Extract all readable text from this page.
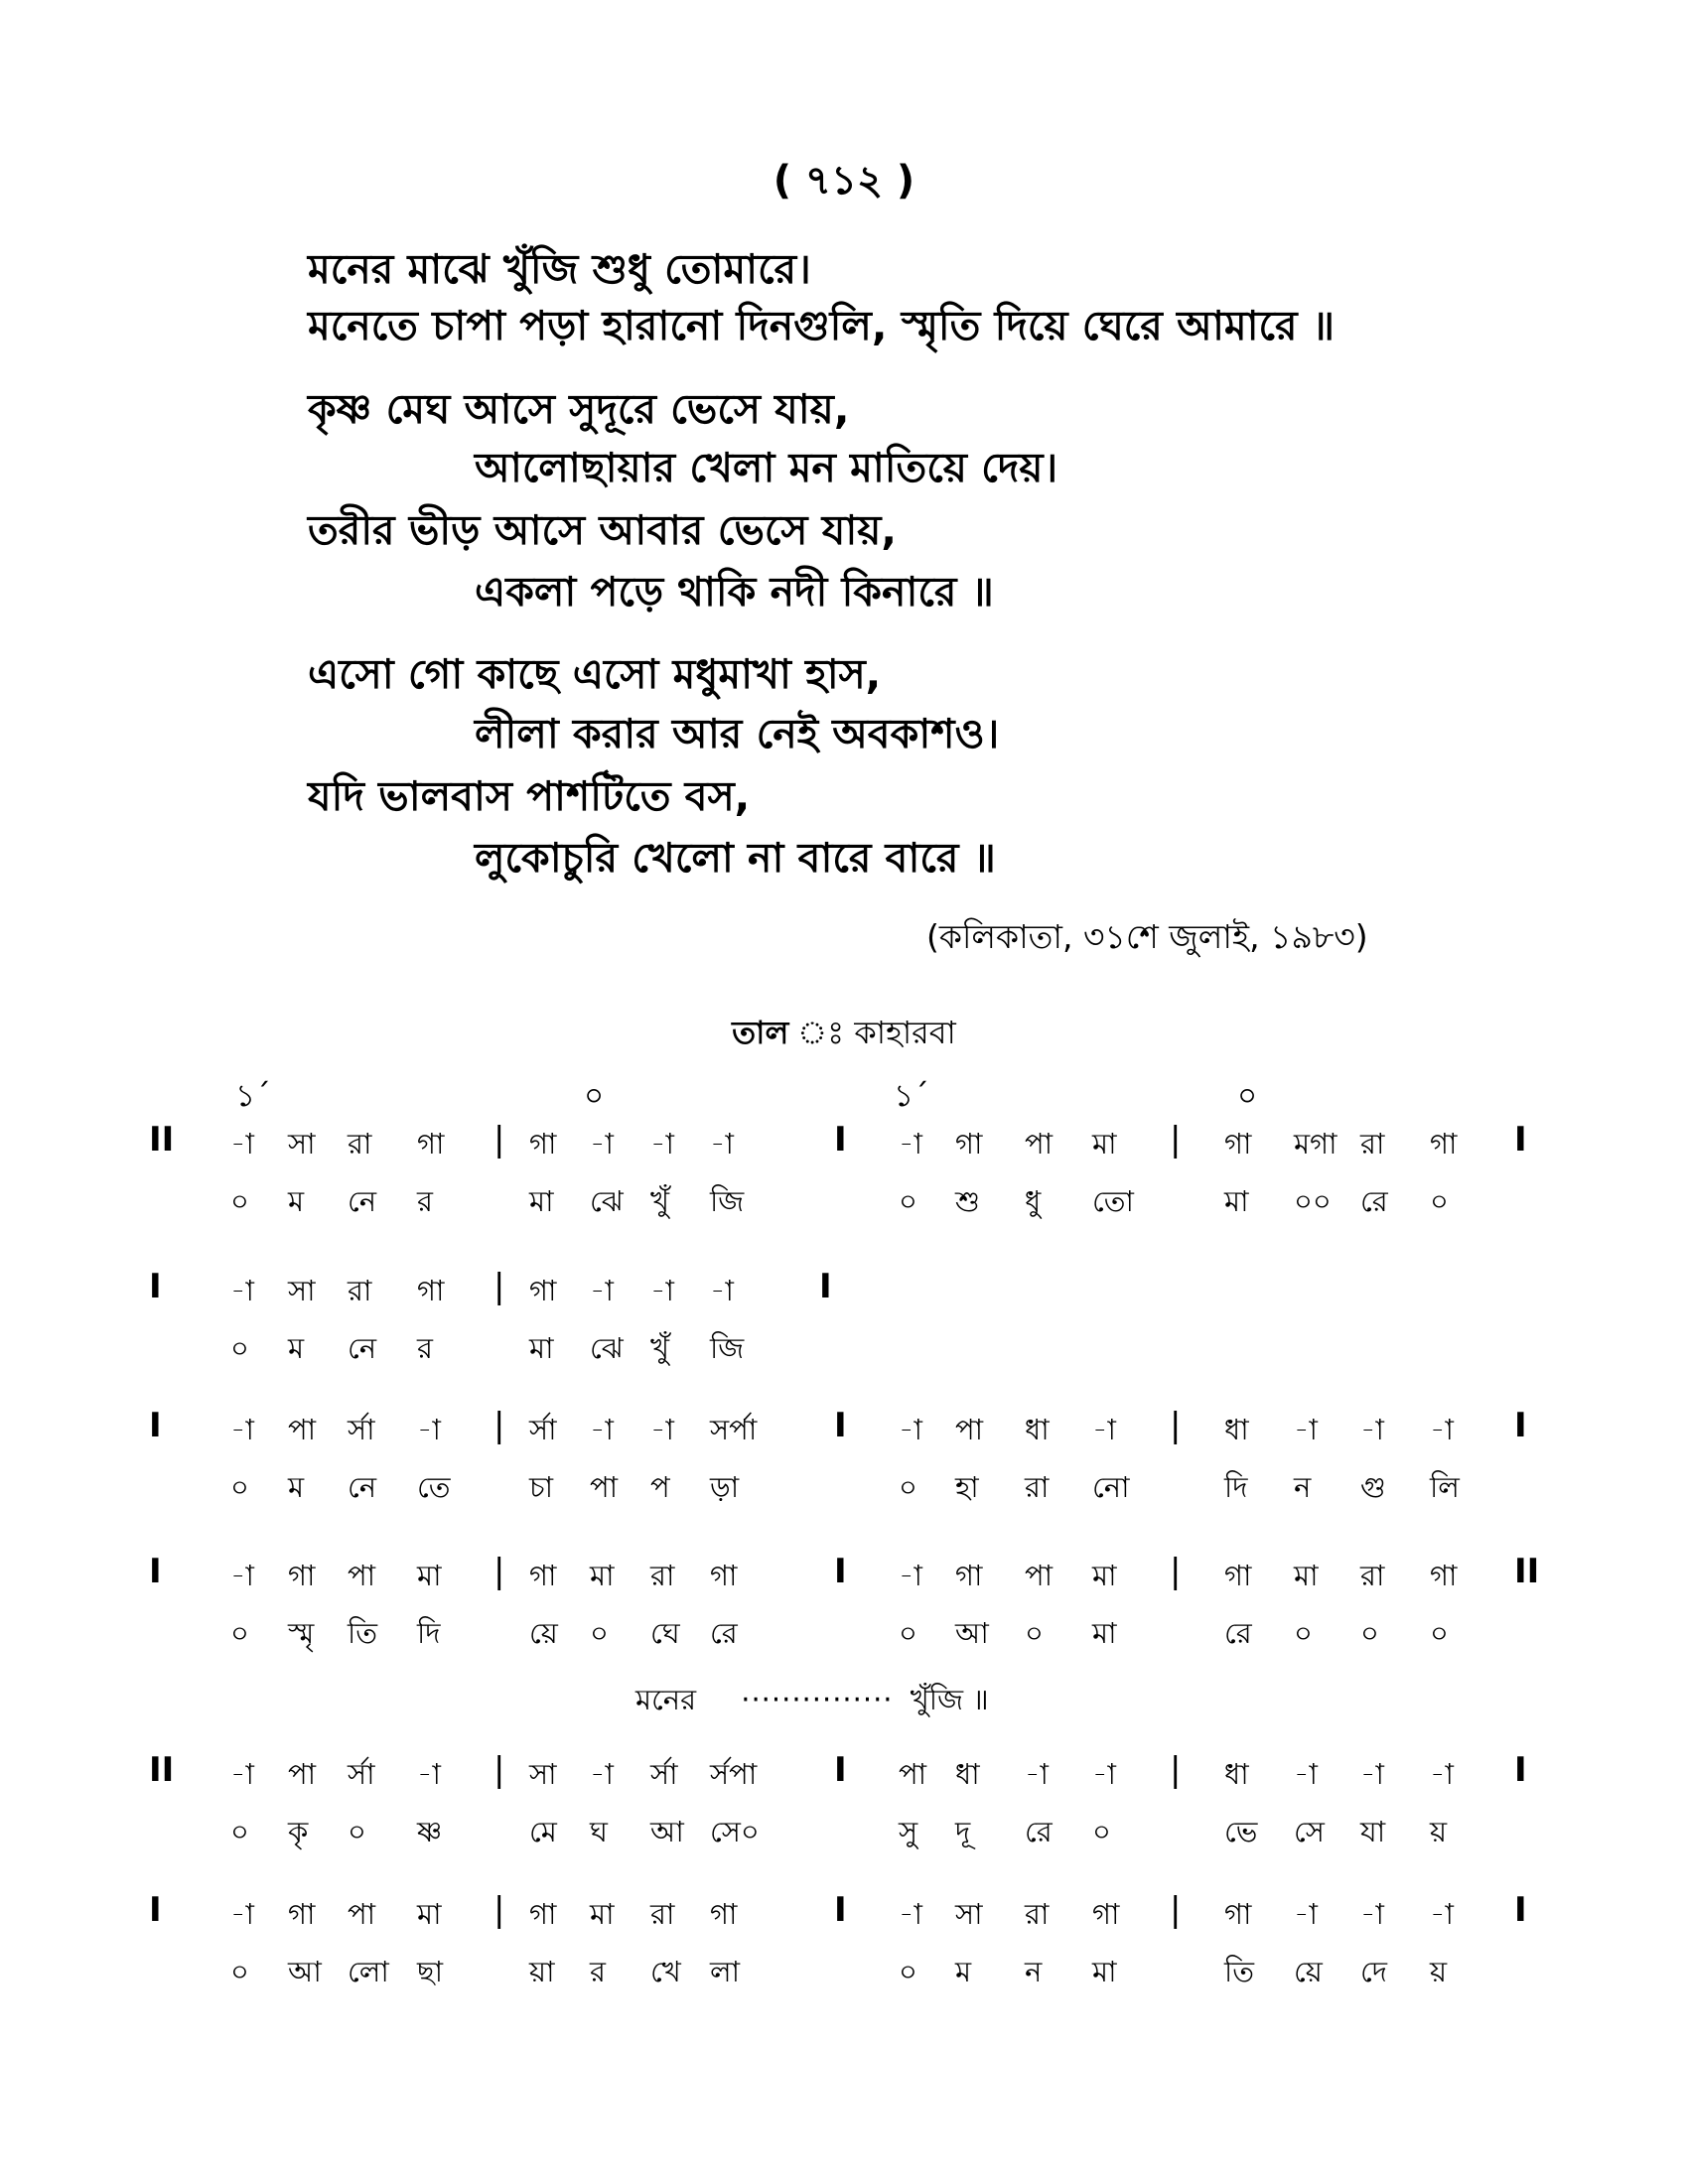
( ৭১২ )
মনের মাঝে খুঁজি শুধু তোমারে।
মনেতে চাপা পড়া হারানো দিনগুলি, স্মৃতি দিয়ে ঘেরে আমারে ॥
কৃষ্ণ মেঘ আসে সুদূরে ভেসে যায়,
আলোছায়ার খেলা মন মাতিয়ে দেয়।
তরীর ভীড় আসে আবার ভেসে যায়,
একলা পড়ে থাকি নদী কিনারে ॥
এসো গো কাছে এসো মধুমাখা হাস,
লীলা করার আর নেই অবকাশও।
যদি ভালবাস পাশটিতে বস,
লুকোচুরি খেলো না বারে বারে ॥
(কলিকাতা, ৩১শে জুলাই, ১৯৮৩)
তাল কাহারবা
১´	০	১´	০
II -া সা রা গা | গা -া -া -া	I -া গা পা মা | গা মগা রা গা
০ ম নে র	মা ঝে খুঁ জি	০ শু ধু তো	মা ০০ রে ০
I
I -া সা রা গা | গা -া -া -া
০ ম নে র	মা ঝে খুঁ জি
I
I -া পা র্সা -া | র্সা -া -া সর্পা I -া পা ধা -া | ধা -া -া -া
০ ম নে তে	চা পা প ড়া	০ হা রা নো	দি ন গু লি
I
I -া গা পা মা | গা মা রা গা	I -া গা পা মা | গা মা রা গা
০ স্মৃ তি দি	য়ে ০ ঘে রে	০ আ ০ মা	রে ০ ০ ০
II
II -া পা র্সা -া | সা -া র্সা র্সপা I পা ধা -া -া | ধা -া -া -া
০ কৃ ০ ষ্ণ	মে ঘ আ সে০	সু দূ রে ০	ভে সে যা য়
I
I -া গা পা মা | গা মা রা গা	I -া সা রা গা | গা -া -া -া
০ আ লো ছা	য়া র খে লা	০ ম ন মা	তি য়ে দে য়
I
মনের ··············· খুঁজি ॥
